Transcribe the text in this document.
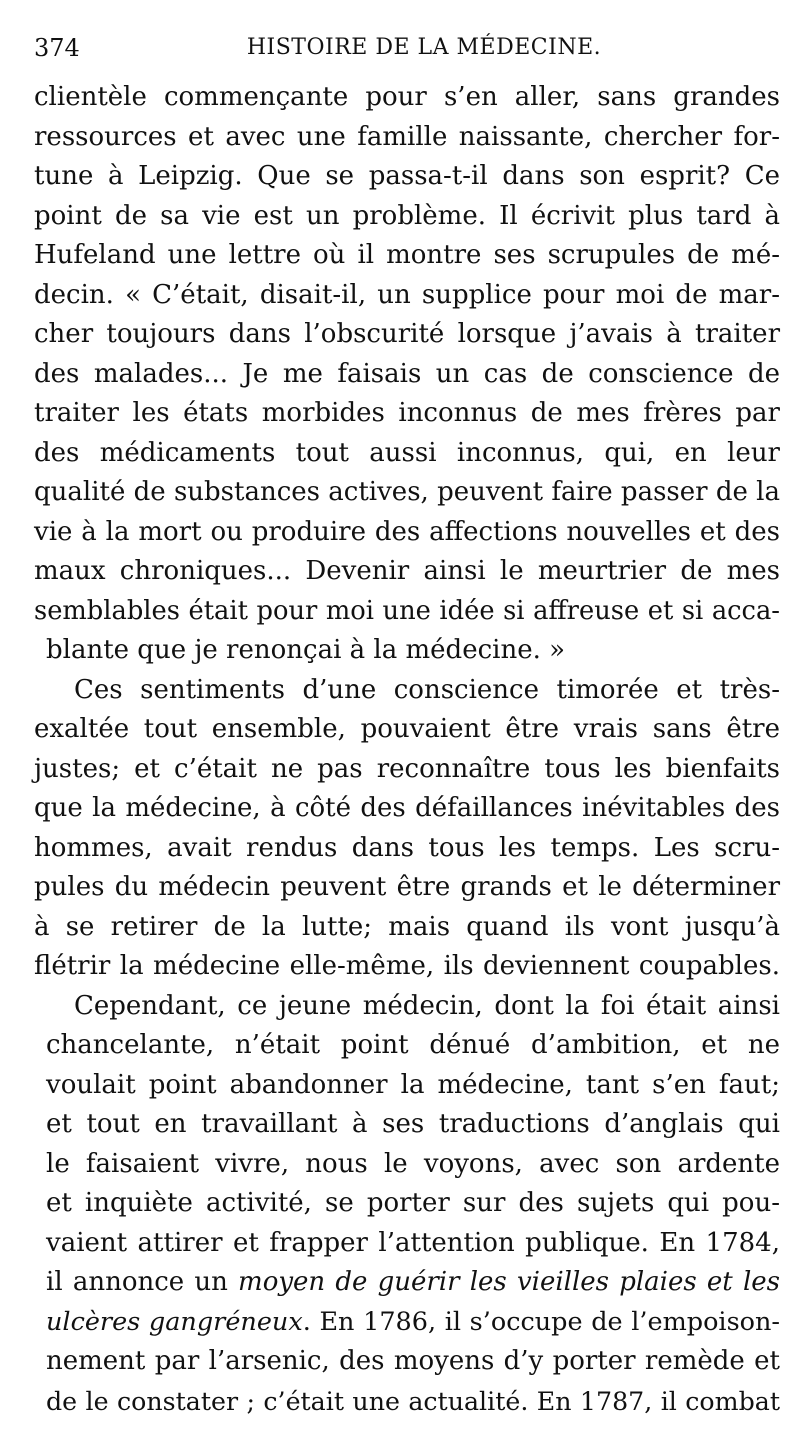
374	HISTOIRE DE LA MÉDECINE.
clientèle commençante pour s’en aller, sans grandes
ressources et avec une famille naissante, chercher for-
tune à Leipzig. Que se passa-t-il dans son esprit? Ce
point de sa vie est un problème. Il écrivit plus tard à
Hufeland une lettre où il montre ses scrupules de mé-
decin. « C’était, disait-il, un supplice pour moi de mar-
cher toujours dans l’obscurité lorsque j’avais à traiter
des malades... Je me faisais un cas de conscience de
traiter les états morbides inconnus de mes frères par
des médicaments tout aussi inconnus, qui, en leur
qualité de substances actives, peuvent faire passer de la
vie à la mort ou produire des affections nouvelles et des
maux chroniques... Devenir ainsi le meurtrier de mes
semblables était pour moi une idée si affreuse et si acca-
blante que je renonçai à la médecine. »
Ces sentiments d’une conscience timorée et très-
exaltée tout ensemble, pouvaient être vrais sans être
justes; et c’était ne pas reconnaître tous les bienfaits
que la médecine, à côté des défaillances inévitables des
hommes, avait rendus dans tous les temps. Les scru-
pules du médecin peuvent être grands et le déterminer
à se retirer de la lutte; mais quand ils vont jusqu’à
flétrir la médecine elle-même, ils deviennent coupables.
Cependant, ce jeune médecin, dont la foi était ainsi
chancelante, n’était point dénué d’ambition, et ne
voulait point abandonner la médecine, tant s’en faut;
et tout en travaillant à ses traductions d’anglais qui
le faisaient vivre, nous le voyons, avec son ardente
et inquiète activité, se porter sur des sujets qui pou-
vaient attirer et frapper l’attention publique. En 1784,
il annonce un moyen de guérir les vieilles plaies et les
ulcères gangréneux. En 1786, il s’occupe de l’empoison-
nement par l’arsenic, des moyens d’y porter remède et
de le constater ; c’était une actualité. En 1787, il combat
